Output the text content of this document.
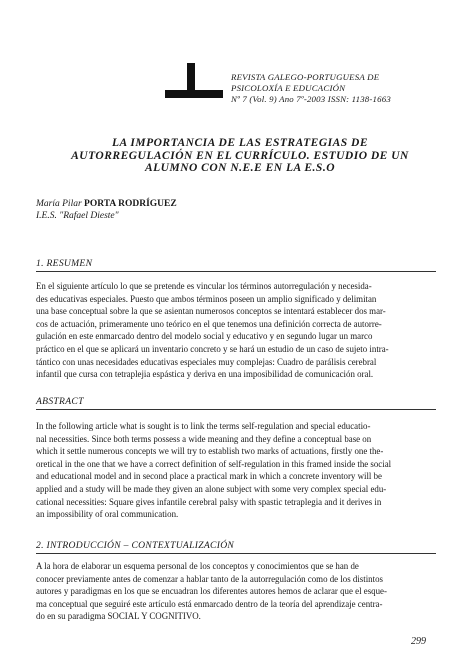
REVISTA GALEGO-PORTUGUESA DE
PSICOLOXÍA E EDUCACIÓN
Nº 7 (Vol. 9) Ano 7º-2003 ISSN: 1138-1663
LA IMPORTANCIA DE LAS ESTRATEGIAS DE
AUTORREGULACIÓN EN EL CURRÍCULO. ESTUDIO DE UN
ALUMNO CON N.E.E EN LA E.S.O
María Pilar PORTA RODRÍGUEZ
I.E.S. "Rafael Dieste"
1. RESUMEN
En el siguiente artículo lo que se pretende es vincular los términos autorregulación y necesida-
des educativas especiales. Puesto que ambos términos poseen un amplio significado y delimitan
una base conceptual sobre la que se asientan numerosos conceptos se intentará establecer dos mar-
cos de actuación, primeramente uno teórico en el que tenemos una definición correcta de autorre-
gulación en este enmarcado dentro del modelo social y educativo y en segundo lugar un marco
práctico en el que se aplicará un inventario concreto y se hará un estudio de un caso de sujeto intra-
tántico con unas necesidades educativas especiales muy complejas: Cuadro de parálisis cerebral
infantil que cursa con tetraplejia espástica y deriva en una imposibilidad de comunicación oral.
ABSTRACT
In the following article what is sought is to link the terms self-regulation and special educatio-
nal necessities. Since both terms possess a wide meaning and they define a conceptual base on
which it settle numerous concepts we will try to establish two marks of actuations, firstly one the-
oretical in the one that we have a correct definition of self-regulation in this framed inside the social
and educational model and in second place a practical mark in which a concrete inventory will be
applied and a study will be made they given an alone subject with some very complex special edu-
cational necessities: Square gives infantile cerebral palsy with spastic tetraplegia and it derives in
an impossibility of oral communication.
2. INTRODUCCIÓN – CONTEXTUALIZACIÓN
A la hora de elaborar un esquema personal de los conceptos y conocimientos que se han de
conocer previamente antes de comenzar a hablar tanto de la autorregulación como de los distintos
autores y paradigmas en los que se encuadran los diferentes autores hemos de aclarar que el esque-
ma conceptual que seguiré este artículo está enmarcado dentro de la teoría del aprendizaje centra-
do en su paradigma SOCIAL Y COGNITIVO.
299
